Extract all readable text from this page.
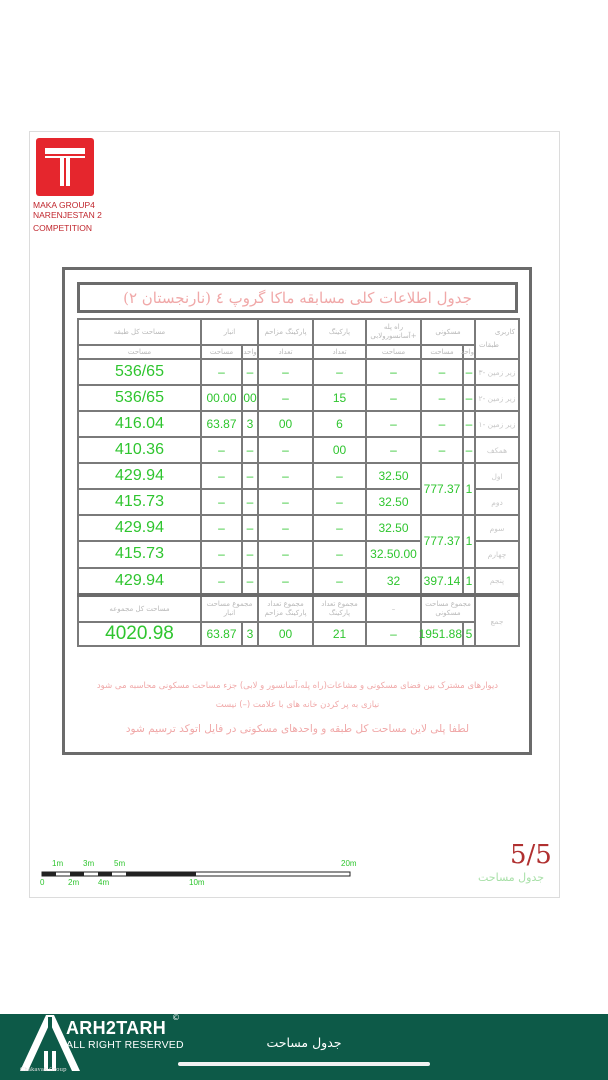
MAKA GROUP4
NARENJESTAN 2
COMPETITION
جدول اطلاعات کلی مسابقه ماکا گروپ ٤ (نارنجستان ٢)
کاربری
طبقات	مسکونی		راه پله +آسانسورولابی	پارکینگ	پارکینگ مزاحم	انبار		مساحت کل طبقه
	واحد	مساحت	مساحت	تعداد	تعداد	واحد	مساحت	مساحت
زیر زمین -٣	–	–	–	–	–	–	–	536/65
زیر زمین -٢	–	–	–	15	–	00	00.00	536/65
زیر زمین -١	–	–	–	6	00	3	63.87	416.04
همکف	–	–	–	00	–	–	–	410.36
اول	1	777.37	32.50	–	–	–	–	429.94
دوم			32.50	–	–	–	–	415.73
سوم	1	777.37	32.50	–	–	–	–	429.94
چهارم			32.50.00	–	–	–	–	415.73
پنجم	1	397.14	32	–	–	–	–	429.94
جمع	مجموع مساحت مسکونی		–	مجموع تعداد پارکینگ	مجموع تعداد پارکینگ مزاحم	مجموع مساحت انبار		مساحت کل مجموعه
	5	1951.88	–	21	00	3	63.87	4020.98
دیوارهای مشترک بین فضای مسکونی و مشاعات(راه پله،آسانسور و لابی) جزء مساحت مسکونی محاسبه می شود
نیازی به پر کردن خانه های با علامت (–) نیست
لطفا پلی لاین مساحت کل طبقه و واحدهای مسکونی در فایل اتوکد ترسیم شود
5/5
جدول مساحت
1m 3m 5m	20m
0	2m 4m	10m
ARH2TARH
©
ALL RIGHT RESERVED
Chakavak Group
جدول مساحت
